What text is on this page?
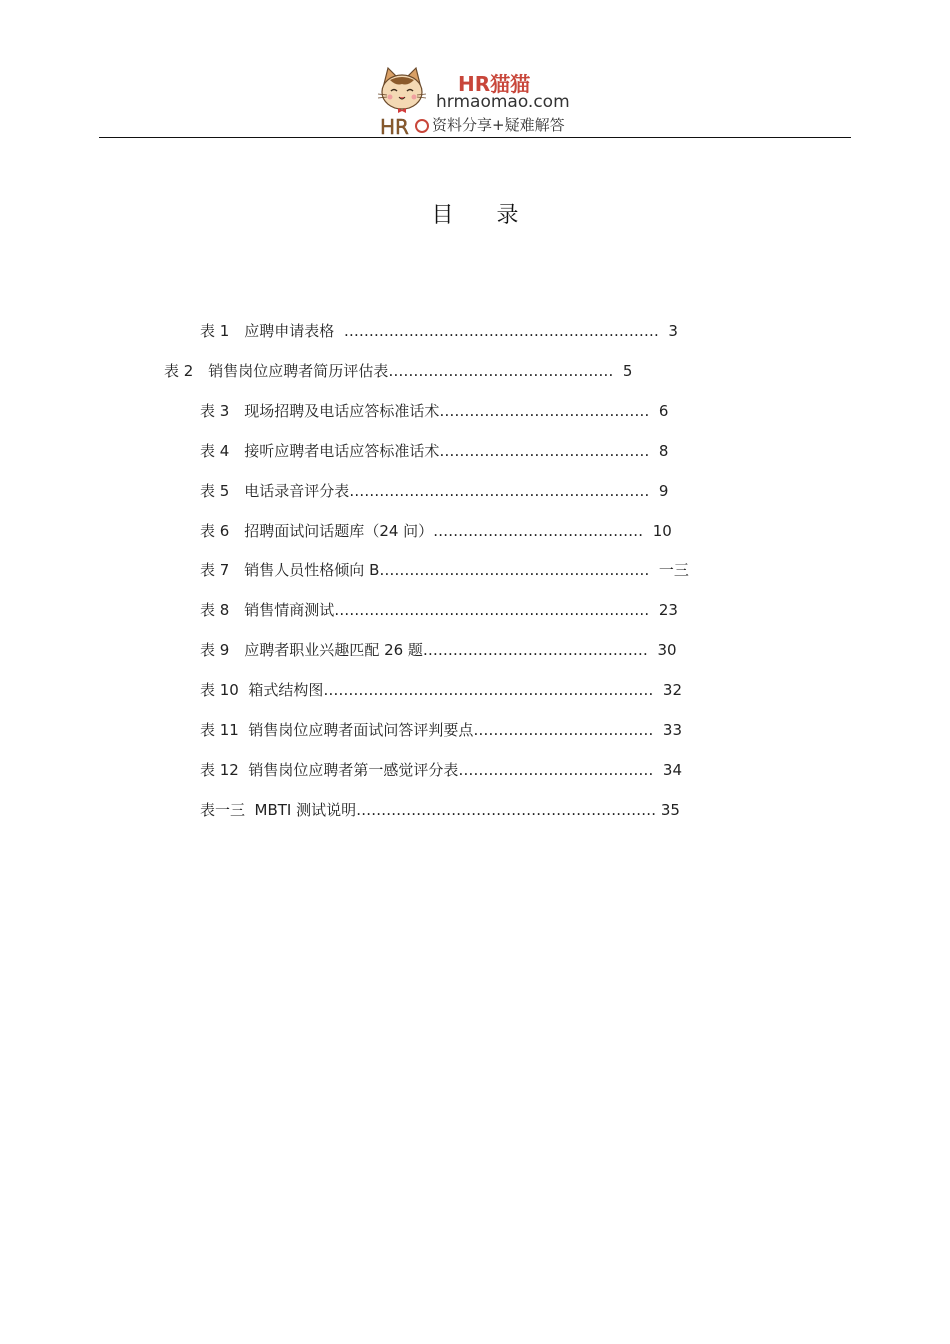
HR
HR猫猫
hrmaomao.com
资料分享+疑难解答
目 录
表 1　应聘申请表格  ………………………………………………………  3
表 2　销售岗位应聘者简历评估表………………………………………  5
表 3　现场招聘及电话应答标准话术……………………………………  6
表 4　接听应聘者电话应答标准话术……………………………………  8
表 5　电话录音评分表……………………………………………………  9
表 6　招聘面试问话题库（24 问）……………………………………  10
表 7　销售人员性格倾向 B………………………………………………  一三
表 8　销售情商测试………………………………………………………  23
表 9　应聘者职业兴趣匹配 26 题………………………………………  30
表 10  箱式结构图…………………………………………………………  32
表 11  销售岗位应聘者面试问答评判要点………………………………  33
表 12  销售岗位应聘者第一感觉评分表…………………………………  34
表一三  MBTI 测试说明…………………………………………………… 35
